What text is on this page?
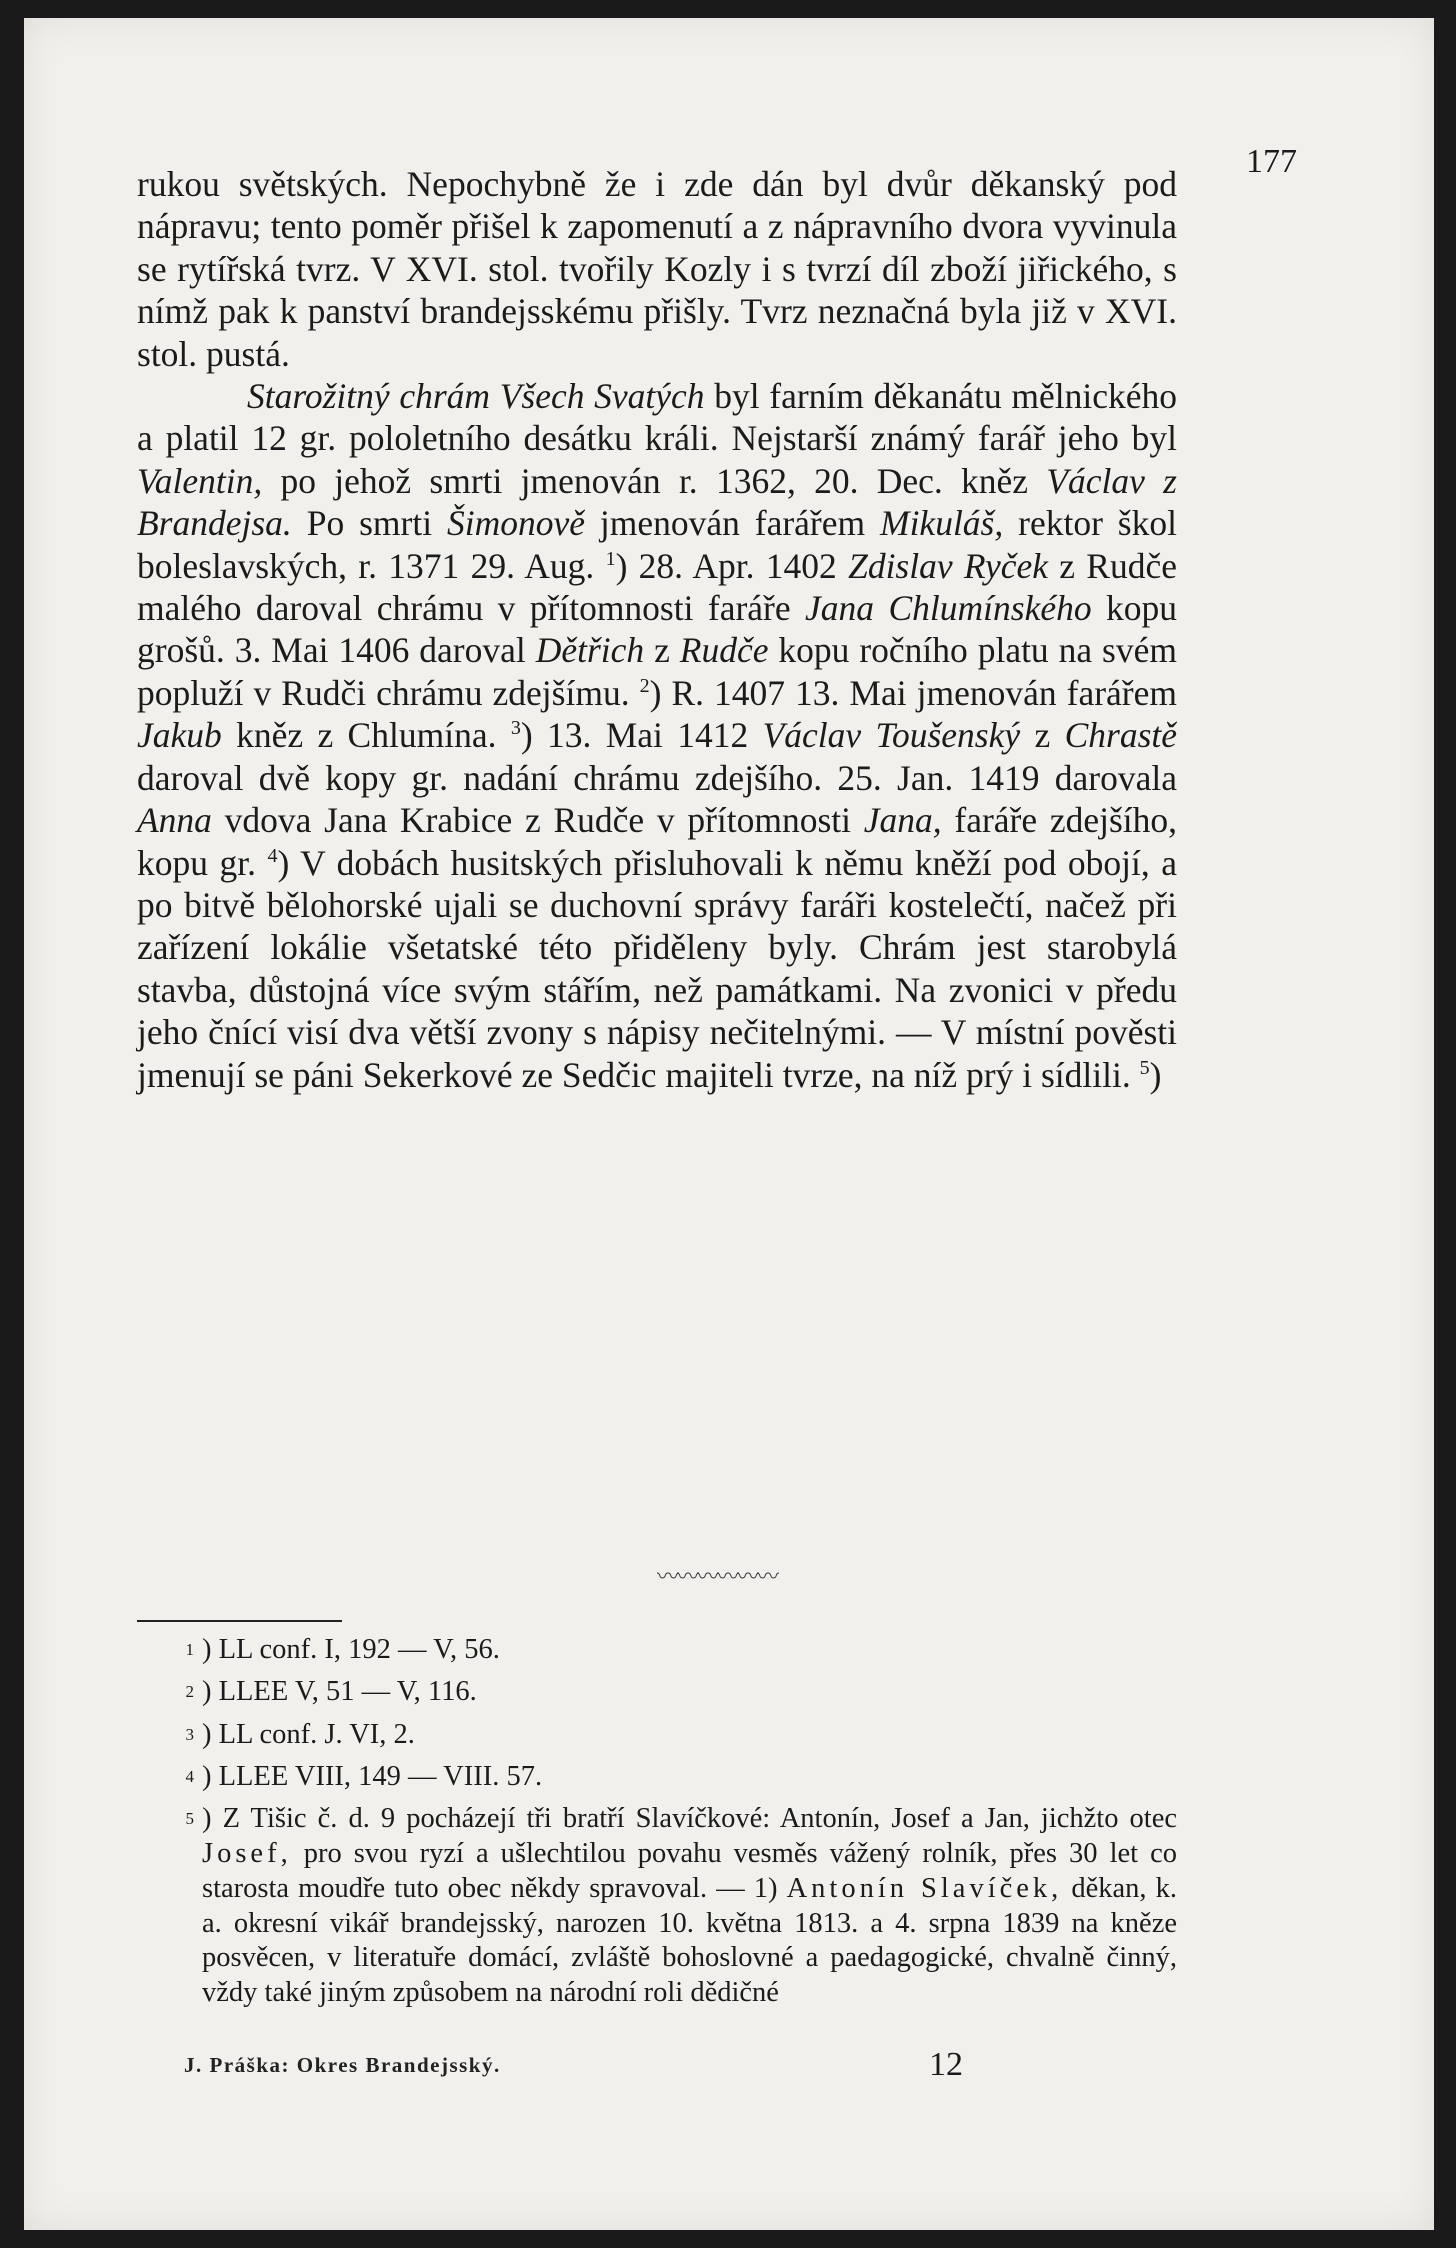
177

rukou světských. Nepochybně že i zde dán byl dvůr děkanský pod nápravu; tento poměr přišel k zapomenutí a z nápravního dvora vyvinula se rytířská tvrz. V XVI. stol. tvořily Kozly i s tvrzí díl zboží jiřického, s nímž pak k panství brandejsskému přišly. Tvrz neznačná byla již v XVI. stol. pustá.

Starožitný chrám Všech Svatých byl farním děkanátu mělnického a platil 12 gr. pololetního desátku králi. Nejstarší známý farář jeho byl Valentin, po jehož smrti jmenován r. 1362, 20. Dec. kněz Václav z Brandejsa. Po smrti Šimonově jmenován farářem Mikuláš, rektor škol boleslavských, r. 1371 29. Aug. $^1$) 28. Apr. 1402 Zdislav Ryček z Rudče malého daroval chrámu v přítomnosti faráře Jana Chlumínského kopu grošů. 3. Mai 1406 daroval Dětřich z Rudče kopu ročního platu na svém popluží v Rudči chrámu zdejšímu. $^2$) R. 1407 13. Mai jmenován farářem Jakub kněz z Chlumína. $^3$) 13. Mai 1412 Václav Toušenský z Chrastě daroval dvě kopy gr. nadání chrámu zdejšího. 25. Jan. 1419 darovala Anna vdova Jana Krabice z Rudče v přítomnosti Jana, faráře zdejšího, kopu gr. $^4$) V dobách husitských přisluhovali k němu kněží pod obojí, a po bitvě bělohorské ujali se duchovní správy faráři kostelečtí, načež při zařízení lokálie všetatské této přiděleny byly. Chrám jest starobylá stavba, důstojná více svým stářím, než památkami. Na zvonici v předu jeho čnící visí dva větší zvony s nápisy nečitelnými. — V místní pověsti jmenují se páni Sekerkové ze Sedčic majiteli tvrze, na níž prý i sídlili. $^5$)

〰〰〰〰〰〰
$^1$ ) LL conf. I, 192 — V, 56.
$^2$ ) LLEE V, 51 — V, 116.
$^3$ ) LL conf. J. VI, 2.
$^4$ ) LLEE VIII, 149 — VIII. 57.
$^5$ ) Z Tišic č. d. 9 pocházejí tři bratří Slavíčkové: Antonín, Josef a Jan, jichžto otec Josef, pro svou ryzí a ušlechtilou povahu vesměs vážený rolník, přes 30 let co starosta moudře tuto obec někdy spravoval. — 1) Antonín Slavíček, děkan, k. a. okresní vikář brandejsský, narozen 10. května 1813. a 4. srpna 1839 na kněze posvěcen, v literatuře domácí, zvláště bohoslovné a paedagogické, chvalně činný, vždy také jiným způsobem na národní roli dědičné
J. Práška: Okres Brandejsský.	12
